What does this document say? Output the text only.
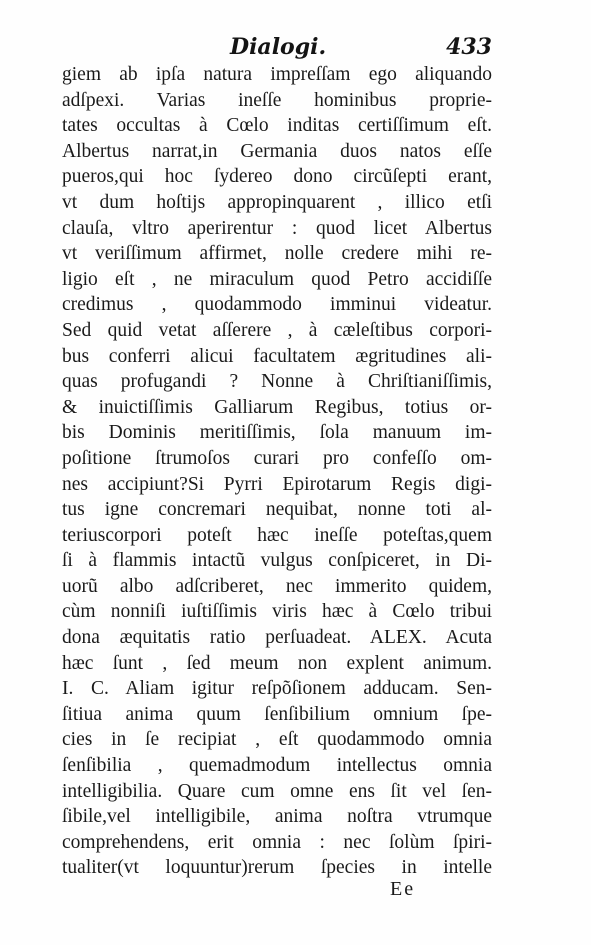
Dialogi.	433
giem ab ipſa natura impreſſam ego aliquando
adſpexi. Varias ineſſe hominibus proprie-
tates occultas à Cœlo inditas certiſſimum eſt.
Albertus narrat,in Germania duos natos eſſe
pueros,qui hoc ſydereo dono circũſepti erant,
vt dum hoſtijs appropinquarent , illico etſi
clauſa, vltro aperirentur : quod licet Albertus
vt veriſſimum affirmet, nolle credere mihi re-
ligio eſt , ne miraculum quod Petro accidiſſe
credimus , quodammodo imminui videatur.
Sed quid vetat aſſerere , à cæleſtibus corpori-
bus conferri alicui facultatem ægritudines ali-
quas profugandi ? Nonne à Chriſtianiſſimis,
& inuictiſſimis Galliarum Regibus, totius or-
bis Dominis meritiſſimis, ſola manuum im-
poſitione ſtrumoſos curari pro confeſſo om-
nes accipiunt?Si Pyrri Epirotarum Regis digi-
tus igne concremari nequibat, nonne toti al-
teriuscorpori poteſt hæc ineſſe poteſtas,quem
ſi à flammis intactũ vulgus conſpiceret, in Di-
uorũ albo adſcriberet, nec immerito quidem,
cùm nonniſi iuſtiſſimis viris hæc à Cœlo tribui
dona æquitatis ratio perſuadeat. ALEX. Acuta
hæc ſunt , ſed meum non explent animum.
I. C. Aliam igitur reſpõſionem adducam. Sen-
ſitiua anima quum ſenſibilium omnium ſpe-
cies in ſe recipiat , eſt quodammodo omnia
ſenſibilia , quemadmodum intellectus omnia
intelligibilia. Quare cum omne ens ſit vel ſen-
ſibile,vel intelligibile, anima noſtra vtrumque
comprehendens, erit omnia : nec ſolùm ſpiri-
tualiter(vt loquuntur)rerum ſpecies in intelle
Ee
